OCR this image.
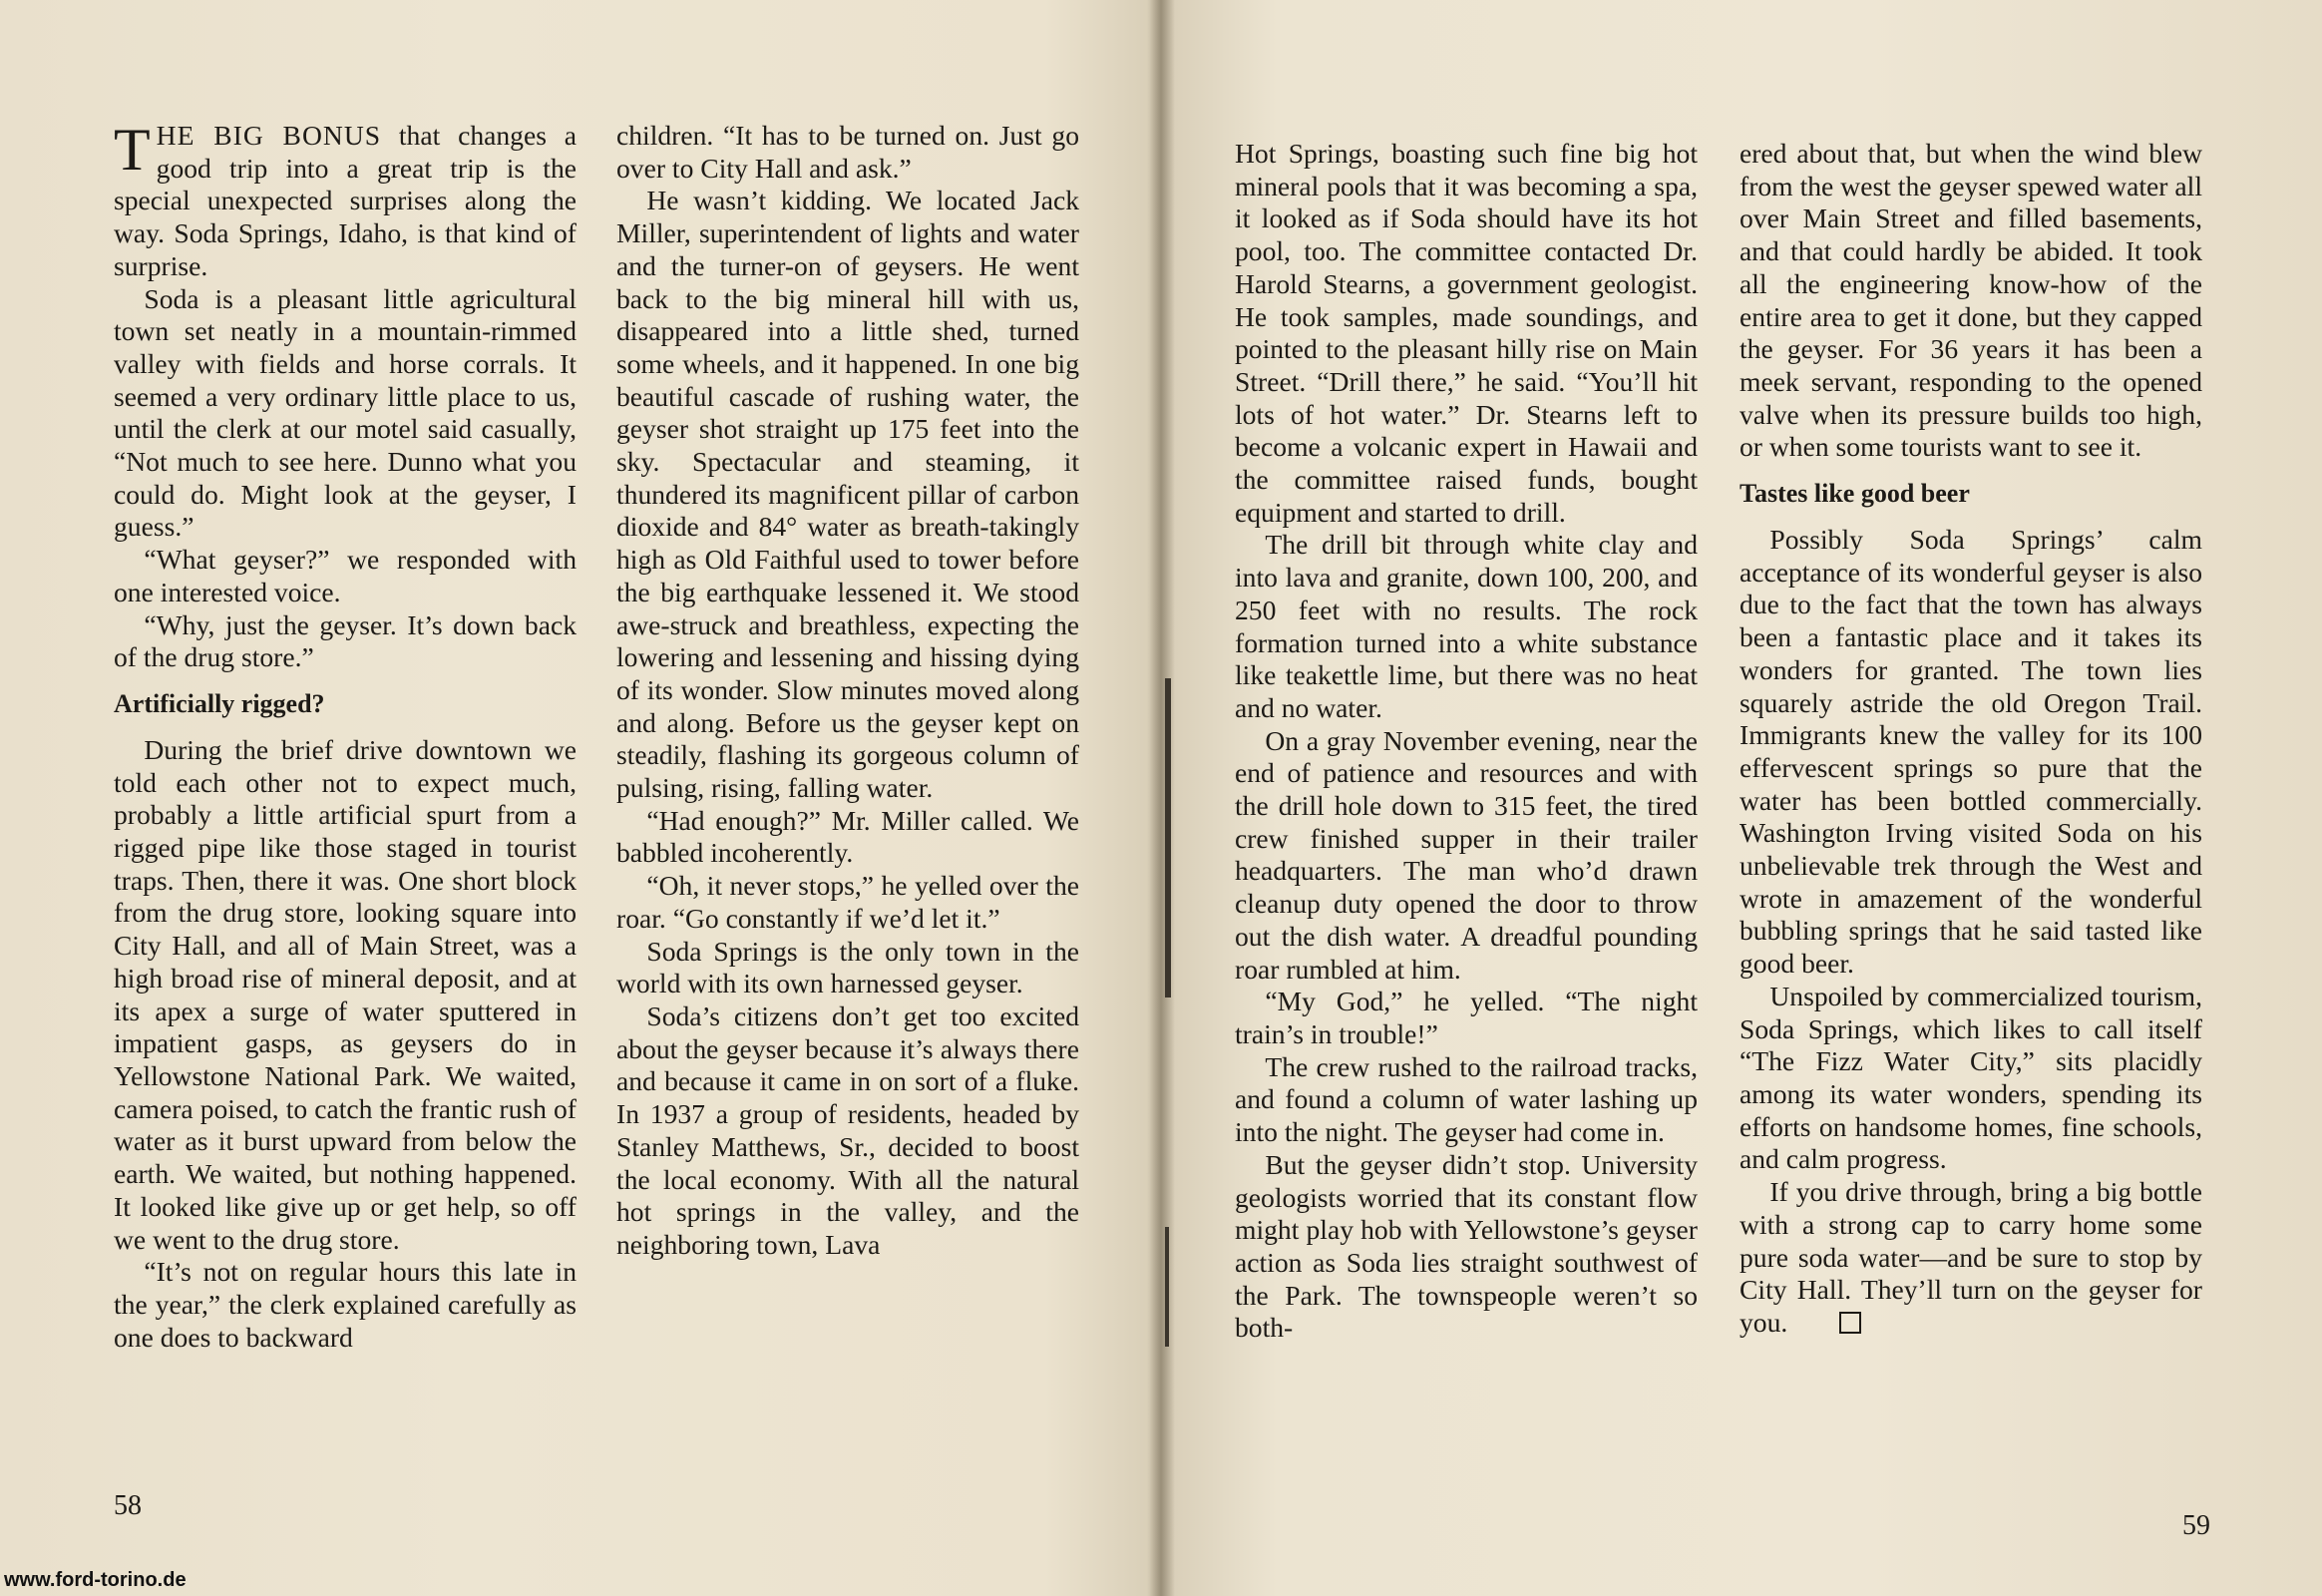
THE BIG BONUS that changes a good trip into a great trip is the special unexpected surprises along the way. Soda Springs, Idaho, is that kind of surprise.

Soda is a pleasant little agricultural town set neatly in a mountain-rimmed valley with fields and horse corrals. It seemed a very ordinary little place to us, until the clerk at our motel said casually, “Not much to see here. Dunno what you could do. Might look at the geyser, I guess.”

“What geyser?” we responded with one interested voice.

“Why, just the geyser. It’s down back of the drug store.”

Artificially rigged?

During the brief drive downtown we told each other not to expect much, probably a little artificial spurt from a rigged pipe like those staged in tourist traps. Then, there it was. One short block from the drug store, looking square into City Hall, and all of Main Street, was a high broad rise of mineral deposit, and at its apex a surge of water sputtered in impatient gasps, as geysers do in Yellowstone National Park. We waited, camera poised, to catch the frantic rush of water as it burst upward from below the earth. We waited, but nothing happened. It looked like give up or get help, so off we went to the drug store.

“It’s not on regular hours this late in the year,” the clerk explained carefully as one does to backward

children. “It has to be turned on. Just go over to City Hall and ask.”

He wasn’t kidding. We located Jack Miller, superintendent of lights and water and the turner-on of geysers. He went back to the big mineral hill with us, disappeared into a little shed, turned some wheels, and it happened. In one big beautiful cascade of rushing water, the geyser shot straight up 175 feet into the sky. Spectacular and steaming, it thundered its magnificent pillar of carbon dioxide and 84° water as breath-takingly high as Old Faithful used to tower before the big earthquake lessened it. We stood awe-struck and breathless, expecting the lowering and lessening and hissing dying of its wonder. Slow minutes moved along and along. Before us the geyser kept on steadily, flashing its gorgeous column of pulsing, rising, falling water.

“Had enough?” Mr. Miller called. We babbled incoherently.

“Oh, it never stops,” he yelled over the roar. “Go constantly if we’d let it.”

Soda Springs is the only town in the world with its own harnessed geyser.

Soda’s citizens don’t get too excited about the geyser because it’s always there and because it came in on sort of a fluke. In 1937 a group of residents, headed by Stanley Matthews, Sr., decided to boost the local economy. With all the natural hot springs in the valley, and the neighboring town, Lava

58

Hot Springs, boasting such fine big hot mineral pools that it was becoming a spa, it looked as if Soda should have its hot pool, too. The committee contacted Dr. Harold Stearns, a government geologist. He took samples, made soundings, and pointed to the pleasant hilly rise on Main Street. “Drill there,” he said. “You’ll hit lots of hot water.” Dr. Stearns left to become a volcanic expert in Hawaii and the committee raised funds, bought equipment and started to drill.

The drill bit through white clay and into lava and granite, down 100, 200, and 250 feet with no results. The rock formation turned into a white substance like teakettle lime, but there was no heat and no water.

On a gray November evening, near the end of patience and resources and with the drill hole down to 315 feet, the tired crew finished supper in their trailer headquarters. The man who’d drawn cleanup duty opened the door to throw out the dish water. A dreadful pounding roar rumbled at him.

“My God,” he yelled. “The night train’s in trouble!”

The crew rushed to the railroad tracks, and found a column of water lashing up into the night. The geyser had come in.

But the geyser didn’t stop. University geologists worried that its constant flow might play hob with Yellowstone’s geyser action as Soda lies straight southwest of the Park. The townspeople weren’t so both-

ered about that, but when the wind blew from the west the geyser spewed water all over Main Street and filled basements, and that could hardly be abided. It took all the engineering know-how of the entire area to get it done, but they capped the geyser. For 36 years it has been a meek servant, responding to the opened valve when its pressure builds too high, or when some tourists want to see it.

Tastes like good beer

Possibly Soda Springs’ calm acceptance of its wonderful geyser is also due to the fact that the town has always been a fantastic place and it takes its wonders for granted. The town lies squarely astride the old Oregon Trail. Immigrants knew the valley for its 100 effervescent springs so pure that the water has been bottled commercially. Washington Irving visited Soda on his unbelievable trek through the West and wrote in amazement of the wonderful bubbling springs that he said tasted like good beer.

Unspoiled by commercialized tourism, Soda Springs, which likes to call itself “The Fizz Water City,” sits placidly among its water wonders, spending its efforts on handsome homes, fine schools, and calm progress.

If you drive through, bring a big bottle with a strong cap to carry home some pure soda water—and be sure to stop by City Hall. They’ll turn on the geyser for you.

59
www.ford-torino.de
